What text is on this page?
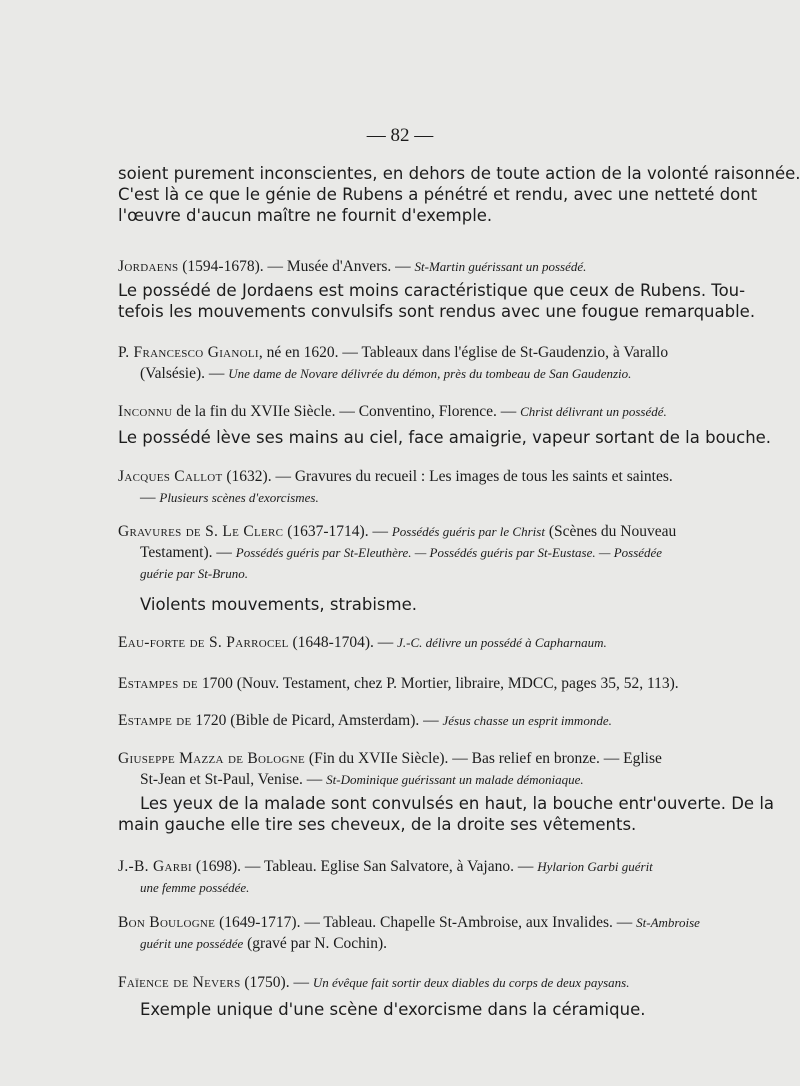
— 82 —

soient purement inconscientes, en dehors de toute action de la volonté raisonnée.
C'est là ce que le génie de Rubens a pénétré et rendu, avec une netteté dont
l'œuvre d'aucun maître ne fournit d'exemple.

Jordaens (1594-1678). — Musée d'Anvers. — St-Martin guérissant un possédé.

Le possédé de Jordaens est moins caractéristique que ceux de Rubens. Tou-
tefois les mouvements convulsifs sont rendus avec une fougue remarquable.

P. Francesco Gianoli, né en 1620. — Tableaux dans l'église de St-Gaudenzio, à Varallo
(Valsésie). — Une dame de Novare délivrée du démon, près du tombeau de San Gaudenzio.

Inconnu de la fin du XVIIe Siècle. — Conventino, Florence. — Christ délivrant un possédé.

Le possédé lève ses mains au ciel, face amaigrie, vapeur sortant de la bouche.

Jacques Callot (1632). — Gravures du recueil : Les images de tous les saints et saintes.
— Plusieurs scènes d'exorcismes.

Gravures de S. Le Clerc (1637-1714). — Possédés guéris par le Christ (Scènes du Nouveau
Testament). — Possédés guéris par St-Eleuthère. — Possédés guéris par St-Eustase. — Possédée
guérie par St-Bruno.

Violents mouvements, strabisme.

Eau-forte de S. Parrocel (1648-1704). — J.-C. délivre un possédé à Capharnaum.

Estampes de 1700 (Nouv. Testament, chez P. Mortier, libraire, MDCC, pages 35, 52, 113).

Estampe de 1720 (Bible de Picard, Amsterdam). — Jésus chasse un esprit immonde.

Giuseppe Mazza de Bologne (Fin du XVIIe Siècle). — Bas relief en bronze. — Eglise
St-Jean et St-Paul, Venise. — St-Dominique guérissant un malade démoniaque.

Les yeux de la malade sont convulsés en haut, la bouche entr'ouverte. De la
main gauche elle tire ses cheveux, de la droite ses vêtements.

J.-B. Garbi (1698). — Tableau. Eglise San Salvatore, à Vajano. — Hylarion Garbi guérit
une femme possédée.

Bon Boulogne (1649-1717). — Tableau. Chapelle St-Ambroise, aux Invalides. — St-Ambroise
guérit une possédée (gravé par N. Cochin).

Faïence de Nevers (1750). — Un évêque fait sortir deux diables du corps de deux paysans.

Exemple unique d'une scène d'exorcisme dans la céramique.
